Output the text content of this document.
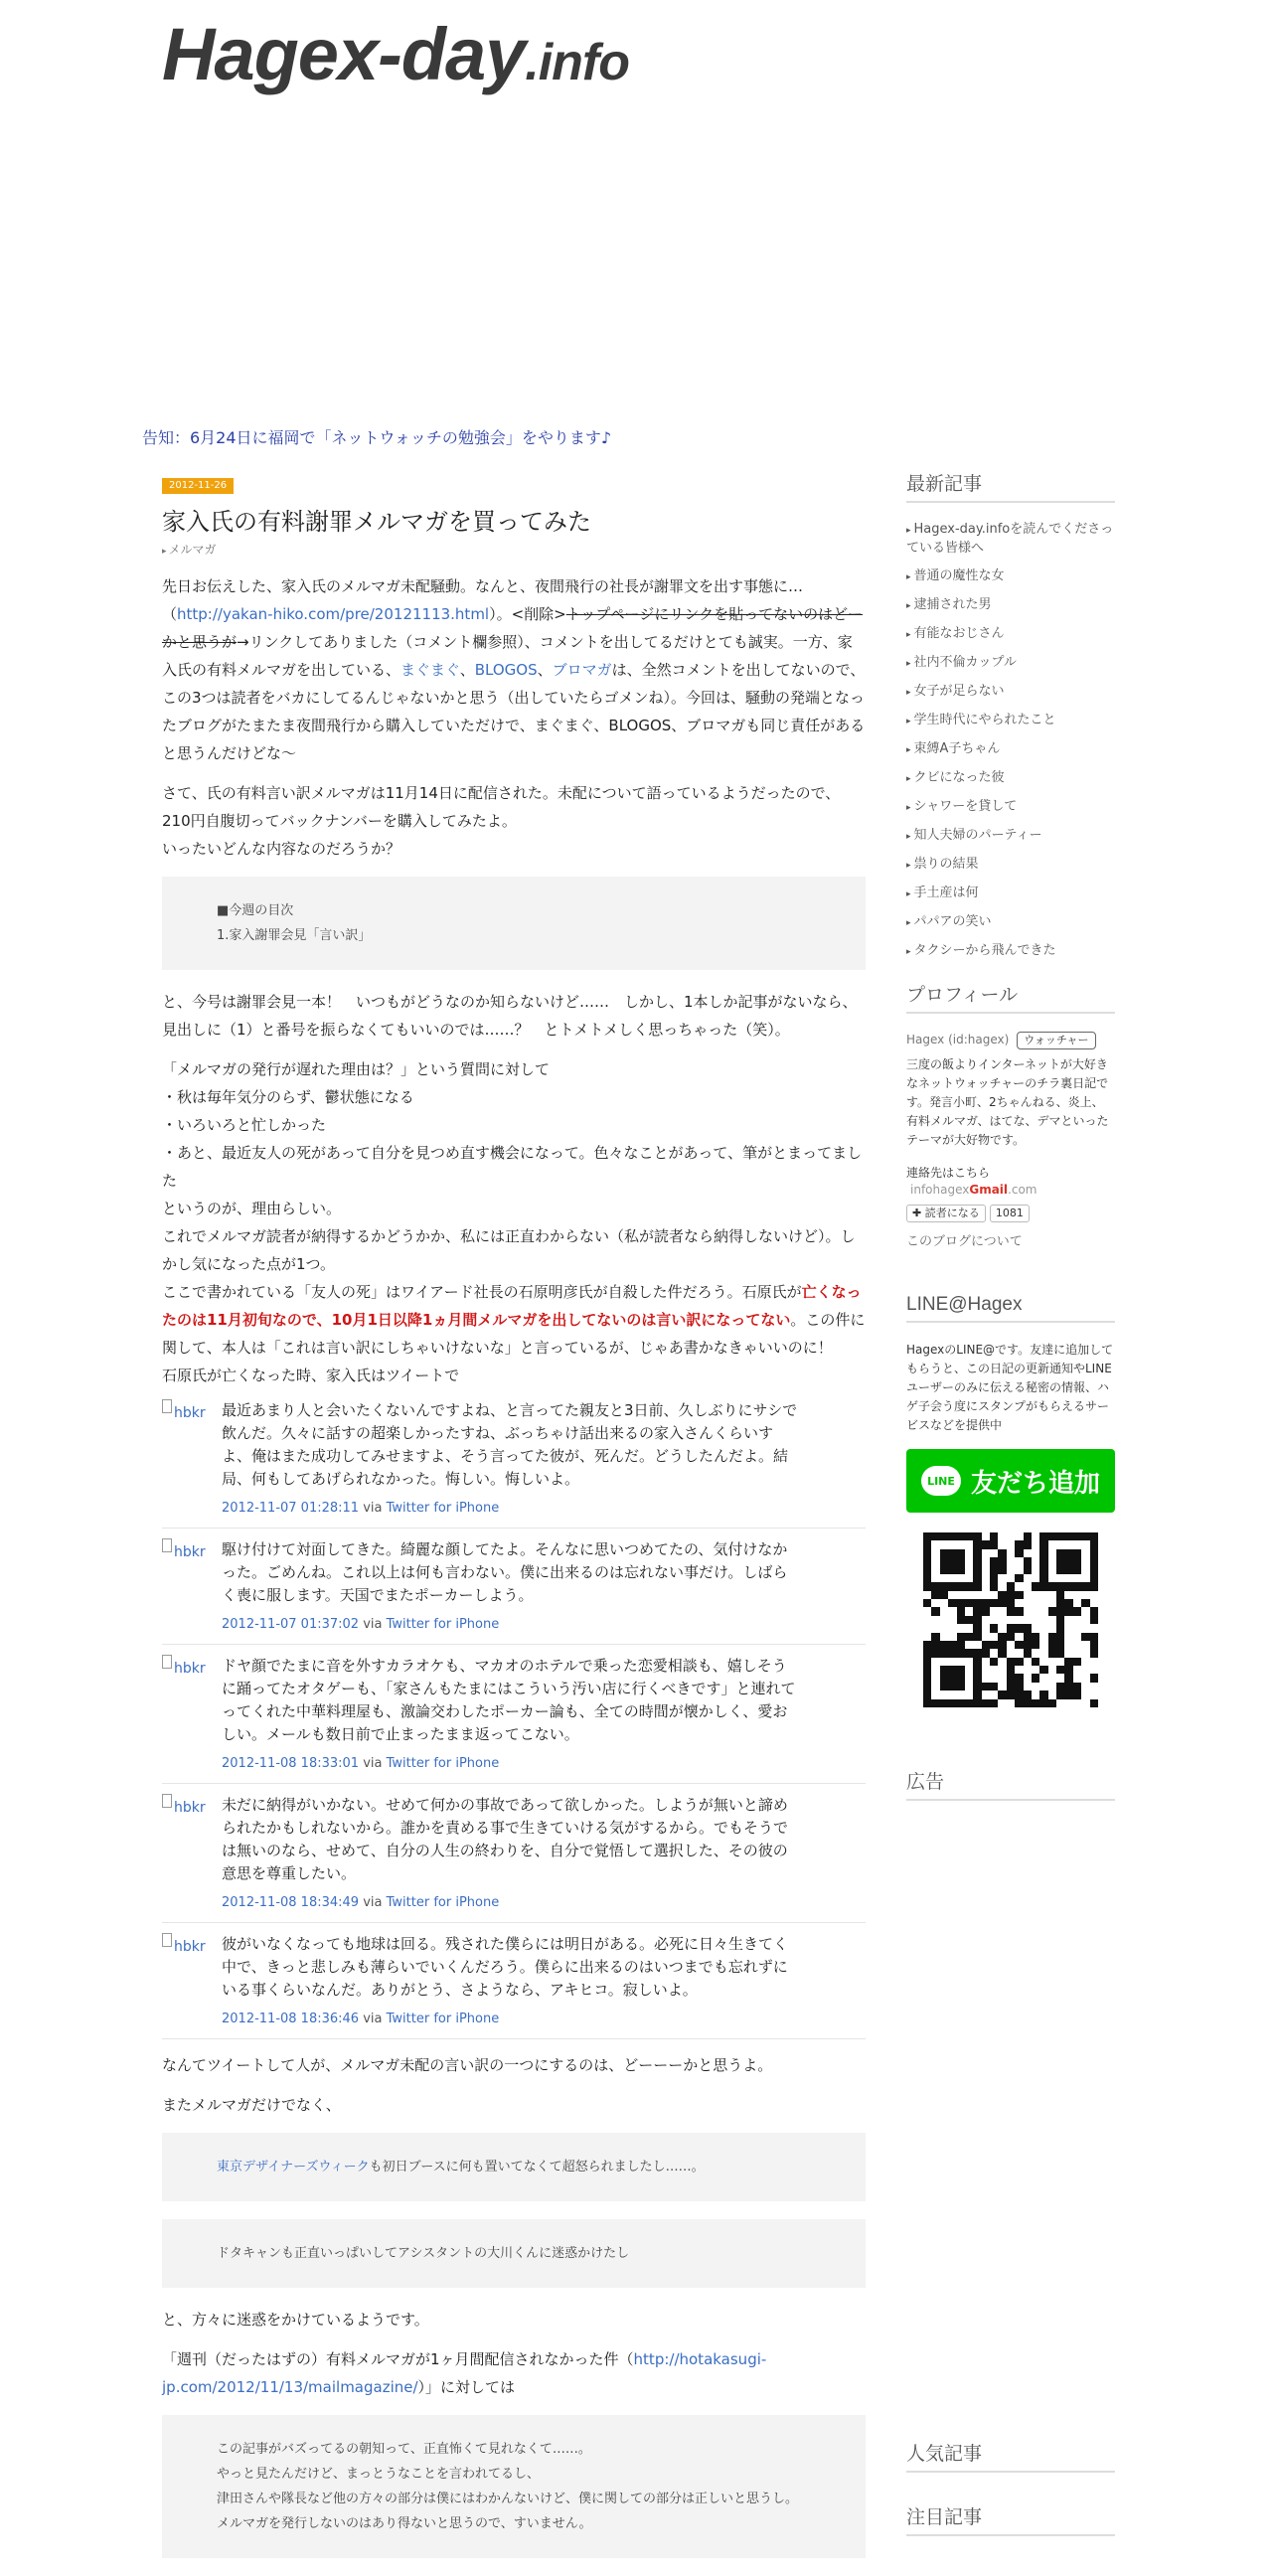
Hagex-day.info
告知：6月24日に福岡で「ネットウォッチの勉強会」をやります♪
2012-11-26
家入氏の有料謝罪メルマガを買ってみた
▸ メルマガ

先日お伝えした、家入氏のメルマガ未配騒動。なんと、夜間飛行の社長が謝罪文を出す事態に…（http://yakan-hiko.com/pre/20121113.html）。<削除>トップページにリンクを貼ってないのはどーかと思うが→リンクしてありました（コメント欄参照）、コメントを出してるだけとても誠実。一方、家入氏の有料メルマガを出している、まぐまぐ、BLOGOS、ブロマガは、全然コメントを出してないので、この3つは読者をバカにしてるんじゃないかと思う（出していたらゴメンね）。今回は、騒動の発端となったブログがたまたま夜間飛行から購入していただけで、まぐまぐ、BLOGOS、ブロマガも同じ責任があると思うんだけどな〜

さて、氏の有料言い訳メルマガは11月14日に配信された。未配について語っているようだったので、210円自腹切ってバックナンバーを購入してみたよ。
いったいどんな内容なのだろうか？

■今週の目次
1.家入謝罪会見「言い訳」

と、今号は謝罪会見一本！　いつもがどうなのか知らないけど……　しかし、1本しか記事がないなら、見出しに（1）と番号を振らなくてもいいのでは……？　とトメトメしく思っちゃった（笑）。

「メルマガの発行が遅れた理由は？」という質問に対して
・秋は毎年気分のらず、鬱状態になる
・いろいろと忙しかった
・あと、最近友人の死があって自分を見つめ直す機会になって。色々なことがあって、筆がとまってました
というのが、理由らしい。
これでメルマガ読者が納得するかどうかか、私には正直わからない（私が読者なら納得しないけど）。しかし気になった点が1つ。
ここで書かれている「友人の死」はワイアード社長の石原明彦氏が自殺した件だろう。石原氏が亡くなったのは11月初旬なので、10月1日以降1ヵ月間メルマガを出してないのは言い訳になってない。この件に関して、本人は「これは言い訳にしちゃいけないな」と言っているが、じゃあ書かなきゃいいのに！
石原氏が亡くなった時、家入氏はツイートで
hbkr	最近あまり人と会いたくないんですよね、と言ってた親友と3日前、久しぶりにサシで飲んだ。久々に話すの超楽しかったすね、ぶっちゃけ話出来るの家入さんくらいすよ、俺はまた成功してみせますよ、そう言ってた彼が、死んだ。どうしたんだよ。結局、何もしてあげられなかった。悔しい。悔しいよ。
2012-11-07 01:28:11 via Twitter for iPhone
hbkr	駆け付けて対面してきた。綺麗な顔してたよ。そんなに思いつめてたの、気付けなかった。ごめんね。これ以上は何も言わない。僕に出来るのは忘れない事だけ。しばらく喪に服します。天国でまたポーカーしよう。
2012-11-07 01:37:02 via Twitter for iPhone
hbkr	ドヤ顔でたまに音を外すカラオケも、マカオのホテルで乗った恋愛相談も、嬉しそうに踊ってたオタゲーも、「家さんもたまにはこういう汚い店に行くべきです」と連れてってくれた中華料理屋も、激論交わしたポーカー論も、全ての時間が懐かしく、愛おしい。メールも数日前で止まったまま返ってこない。
2012-11-08 18:33:01 via Twitter for iPhone
hbkr	未だに納得がいかない。せめて何かの事故であって欲しかった。しようが無いと諦められたかもしれないから。誰かを責める事で生きていける気がするから。でもそうでは無いのなら、せめて、自分の人生の終わりを、自分で覚悟して選択した、その彼の意思を尊重したい。
2012-11-08 18:34:49 via Twitter for iPhone
hbkr	彼がいなくなっても地球は回る。残された僕らには明日がある。必死に日々生きてく中で、きっと悲しみも薄らいでいくんだろう。僕らに出来るのはいつまでも忘れずにいる事くらいなんだ。ありがとう、さようなら、アキヒコ。寂しいよ。
2012-11-08 18:36:46 via Twitter for iPhone

なんてツイートして人が、メルマガ未配の言い訳の一つにするのは、どーーーかと思うよ。

またメルマガだけでなく、

東京デザイナーズウィークも初日ブースに何も置いてなくて超怒られましたし……。
ドタキャンも正直いっぱいしてアシスタントの大川くんに迷惑かけたし

と、方々に迷惑をかけているようです。

「週刊（だったはずの）有料メルマガが1ヶ月間配信されなかった件（http://hotakasugi-jp.com/2012/11/13/mailmagazine/）」に対しては

この記事がバズってるの朝知って、正直怖くて見れなくて……。
やっと見たんだけど、まっとうなことを言われてるし、
津田さんや隊長など他の方々の部分は僕にはわかんないけど、僕に関しての部分は正しいと思うし。
メルマガを発行しないのはあり得ないと思うので、すいません。
最新記事
▸ Hagex-day.infoを読んでくださっている皆様へ
▸ 普通の魔性な女
▸ 逮捕された男
▸ 有能なおじさん
▸ 社内不倫カップル
▸ 女子が足らない
▸ 学生時代にやられたこと
▸ 束縛A子ちゃん
▸ クビになった彼
▸ シャワーを貸して
▸ 知人夫婦のパーティー
▸ 祟りの結果
▸ 手土産は何
▸ パパアの笑い
▸ タクシーから飛んできた
プロフィール
Hagex (id:hagex) ウォッチャー
三度の飯よりインターネットが大好きなネットウォッチャーのチラ裏日記です。発言小町、2ちゃんねる、炎上、有料メルマガ、はてな、デマといったテーマが大好物です。
連絡先はこちら
infohagexGmail.com
✚ 読者になる 1081
このブログについて
LINE@Hagex
HagexのLINE@です。友達に追加してもらうと、この日記の更新通知やLINEユーザーのみに伝える秘密の情報、ハゲ子会う度にスタンプがもらえるサービスなどを提供中
LINE 友だち追加
広告
人気記事
注目記事
